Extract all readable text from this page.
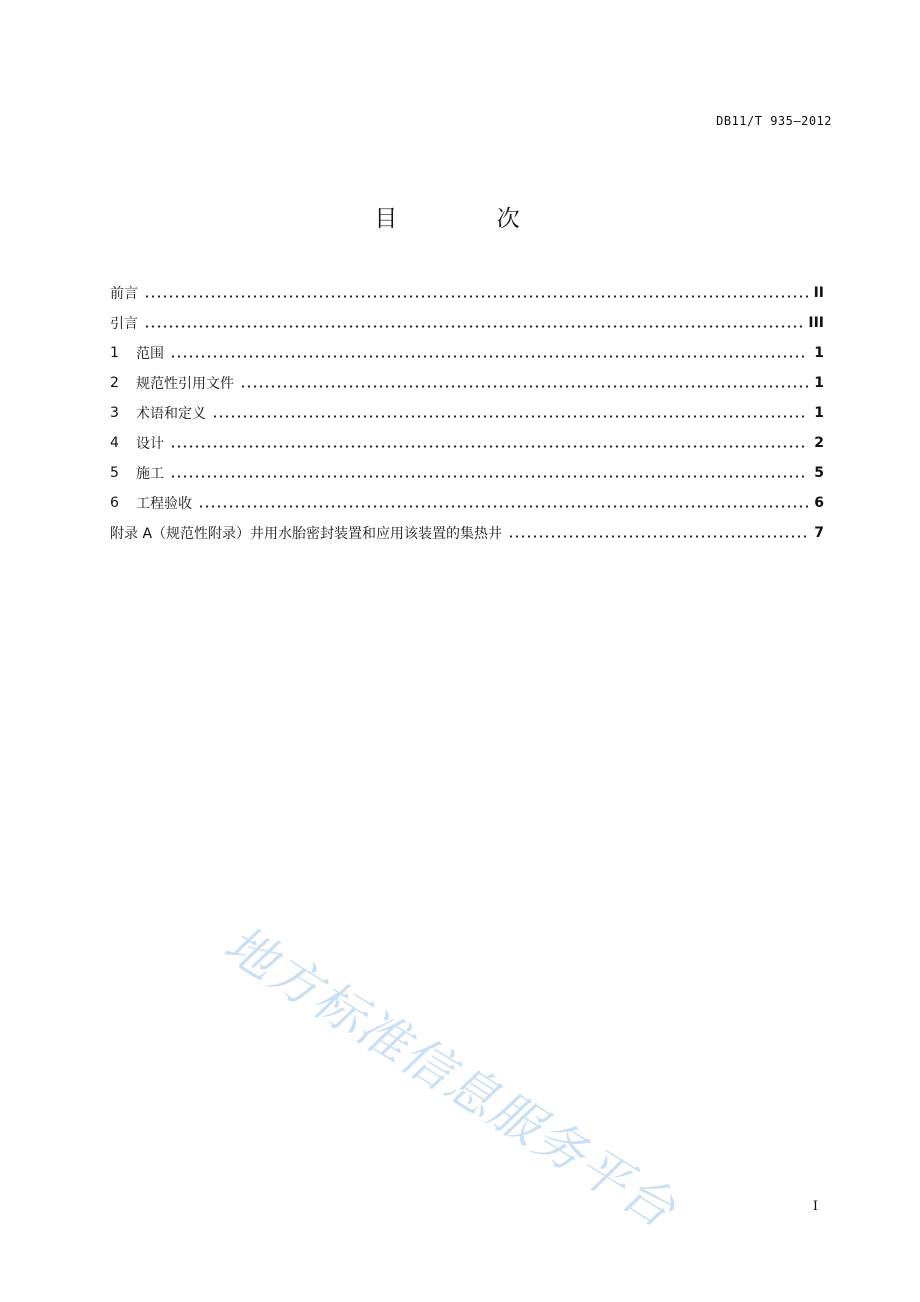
DB11/T 935—2012
目 次
前言	II
引言	III
1	范围	1
2	规范性引用文件	1
3	术语和定义	1
4	设计	2
5	施工	5
6	工程验收	6
附录 A（规范性附录）井用水胎密封装置和应用该装置的集热井	7
地方标准信息服务平台	I
